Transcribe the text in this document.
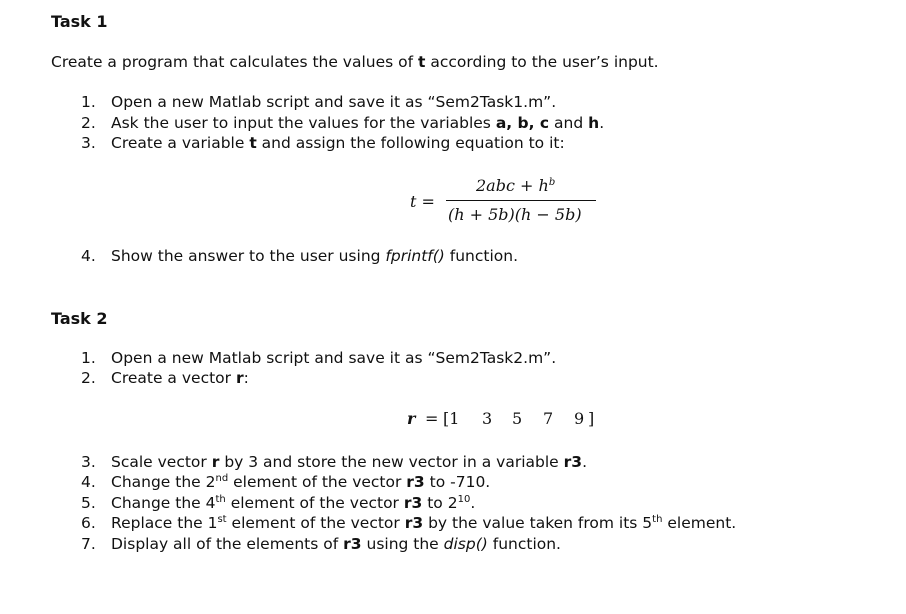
Task 1
Create a program that calculates the values of t according to the user’s input.
1. Open a new Matlab script and save it as “Sem2Task1.m”.
2. Ask the user to input the values for the variables a, b, c and h.
3. Create a variable t and assign the following equation to it:
t =
$2abc + h^b$
(h + 5b)(h − 5b)
4. Show the answer to the user using fprintf() function.
Task 2
1. Open a new Matlab script and save it as “Sem2Task2.m”.
2. Create a vector r:
r = [1 3 5 7 9 ]
3. Scale vector r by 3 and store the new vector in a variable r3.
4. Change the 2nd element of the vector r3 to -710.
5. Change the 4th element of the vector r3 to $2^{10}$.
6. Replace the 1st element of the vector r3 by the value taken from its 5th element.
7. Display all of the elements of r3 using the disp() function.
